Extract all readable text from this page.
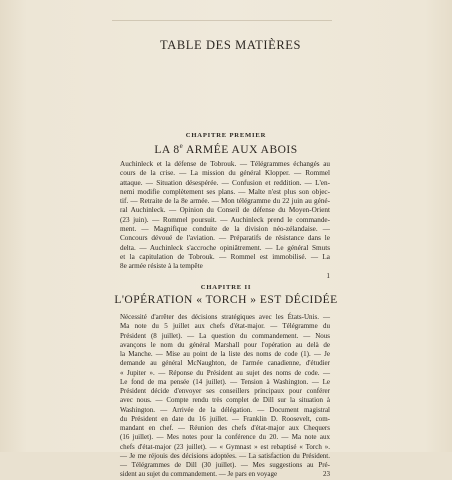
TABLE DES MATIÈRES
CHAPITRE PREMIER
LA 8e ARMÉE AUX ABOIS
Auchinleck et la défense de Tobrouk. — Télégrammes échangés au
cours de la crise. — La mission du général Klopper. — Rommel
attaque. — Situation désespérée. — Confusion et reddition. — L'en-
nemi modifie complètement ses plans. — Malte n'est plus son objec-
tif. — Retraite de la 8e armée. — Mon télégramme du 22 juin au géné-
ral Auchinleck. — Opinion du Conseil de défense du Moyen-Orient
(23 juin). — Rommel poursuit. — Auchinleck prend le commande-
ment. — Magnifique conduite de la division néo-zélandaise. —
Concours dévoué de l'aviation. — Préparatifs de résistance dans le
delta. — Auchinleck s'accroche opiniâtrement. — Le général Smuts
et la capitulation de Tobrouk. — Rommel est immobilisé. — La
8e armée résiste à la tempête
1
CHAPITRE II
L'OPÉRATION « TORCH » EST DÉCIDÉE
Nécessité d'arrêter des décisions stratégiques avec les États-Unis. —
Ma note du 5 juillet aux chefs d'état-major. — Télégramme du
Président (8 juillet). — La question du commandement. — Nous
avançons le nom du général Marshall pour l'opération au delà de
la Manche. — Mise au point de la liste des noms de code (1). — Je
demande au général McNaughton, de l'armée canadienne, d'étudier
« Jupiter ». — Réponse du Président au sujet des noms de code. —
Le fond de ma pensée (14 juillet). — Tension à Washington. — Le
Président décide d'envoyer ses conseillers principaux pour conférer
avec nous. — Compte rendu très complet de Dill sur la situation à
Washington. — Arrivée de la délégation. — Document magistral
du Président en date du 16 juillet. — Franklin D. Roosevelt, com-
mandant en chef. — Réunion des chefs d'état-major aux Chequers
(16 juillet). — Mes notes pour la conférence du 20. — Ma note aux
chefs d'état-major (23 juillet). — « Gymnast » est rebaptisé « Torch ».
— Je me réjouis des décisions adoptées. — La satisfaction du Président.
— Télégrammes de Dill (30 juillet). — Mes suggestions au Pré-
sident au sujet du commandement. — Je pars en voyage	23
